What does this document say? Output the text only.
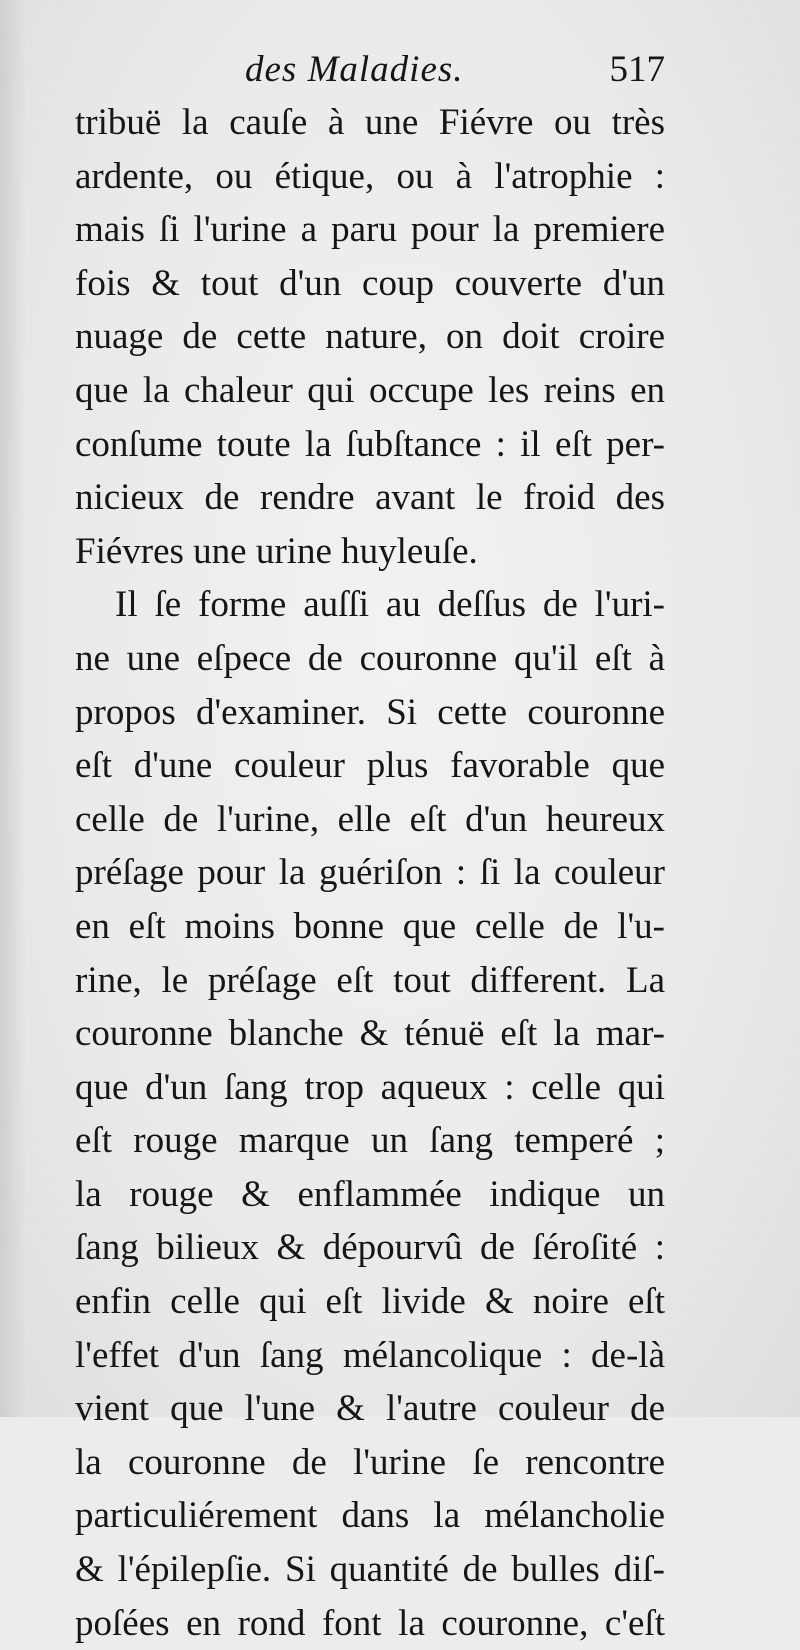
des Maladies.	517
tribuë la cauſe à une Fiévre ou très
ardente, ou étique, ou à l'atrophie :
mais ſi l'urine a paru pour la premiere
fois & tout d'un coup couverte d'un
nuage de cette nature, on doit croire
que la chaleur qui occupe les reins en
conſume toute la ſubſtance : il eſt per-
nicieux de rendre avant le froid des
Fiévres une urine huyleuſe.
Il ſe forme auſſi au deſſus de l'uri-
ne une eſpece de couronne qu'il eſt à
propos d'examiner. Si cette couronne
eſt d'une couleur plus favorable que
celle de l'urine, elle eſt d'un heureux
préſage pour la guériſon : ſi la couleur
en eſt moins bonne que celle de l'u-
rine, le préſage eſt tout different. La
couronne blanche & ténuë eſt la mar-
que d'un ſang trop aqueux : celle qui
eſt rouge marque un ſang temperé ;
la rouge & enflammée indique un
ſang bilieux & dépourvû de ſéroſité :
enfin celle qui eſt livide & noire eſt
l'effet d'un ſang mélancolique : de-là
vient que l'une & l'autre couleur de
la couronne de l'urine ſe rencontre
particuliérement dans la mélancholie
& l'épilepſie. Si quantité de bulles diſ-
poſées en rond font la couronne, c'eſt
